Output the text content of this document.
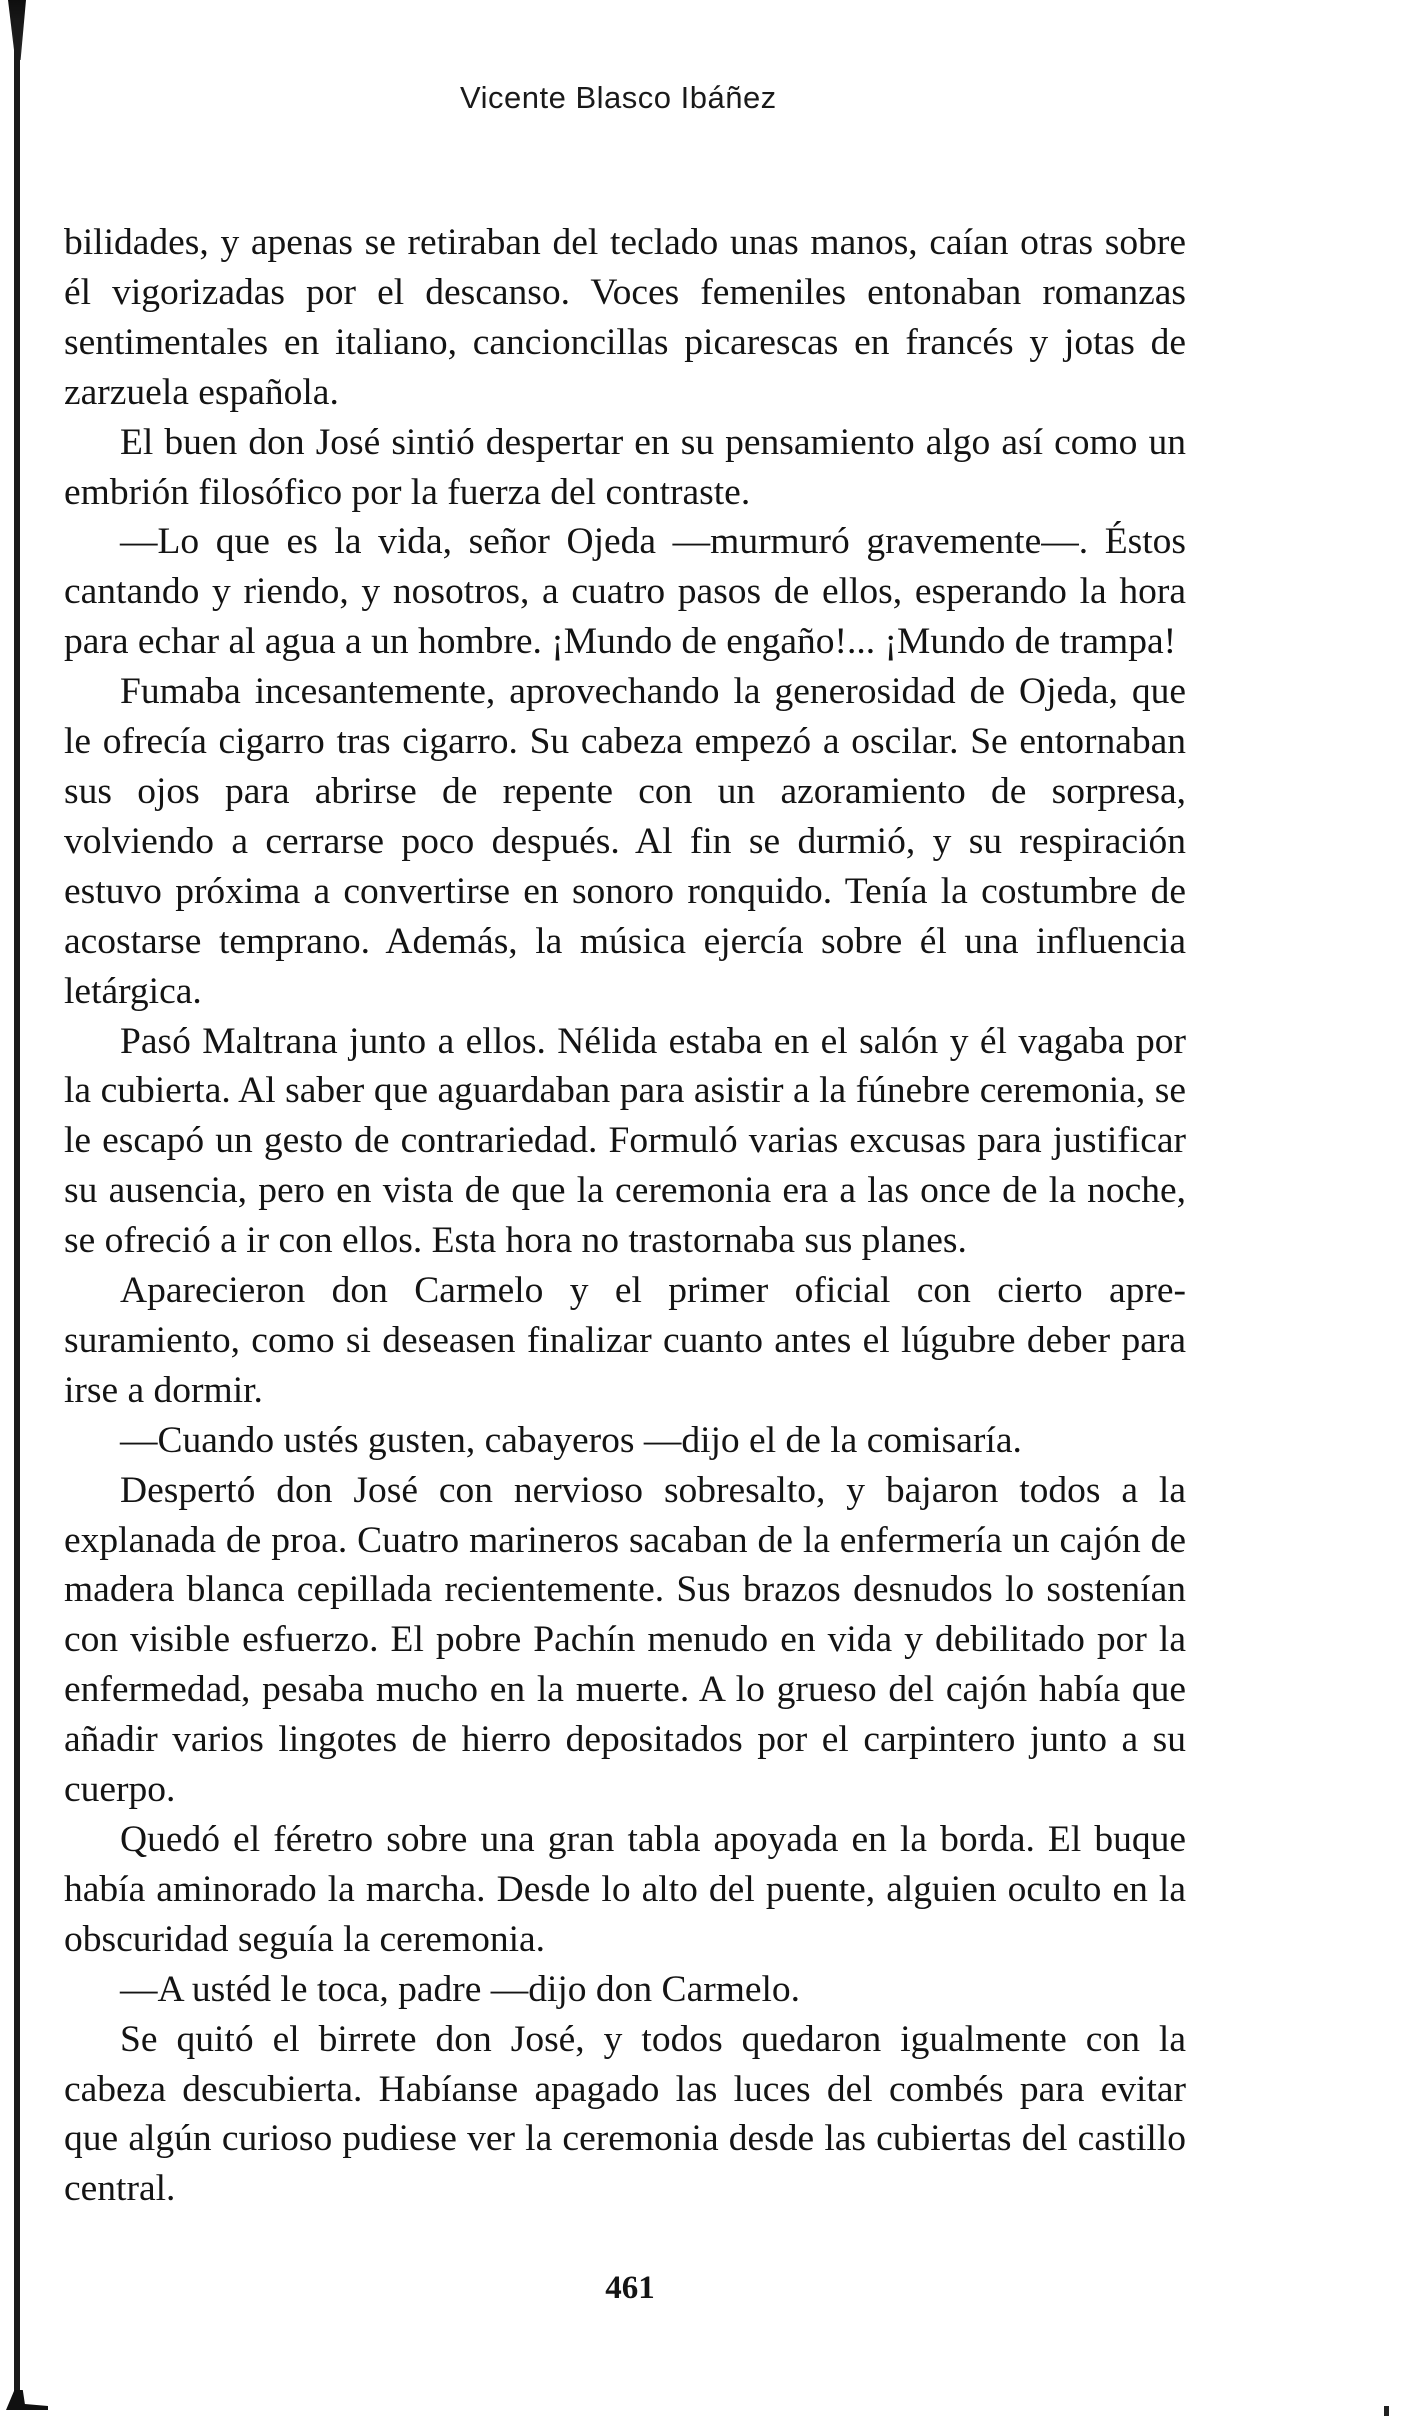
Vicente Blasco Ibáñez

bilidades, y apenas se retiraban del teclado unas manos, caían otras sobre él vigorizadas por el descanso. Voces femeniles entonaban romanzas sentimentales en italiano, cancioncillas picarescas en francés y jotas de zarzuela española.

El buen don José sintió despertar en su pensamiento algo así como un embrión filosófico por la fuerza del contraste.

—Lo que es la vida, señor Ojeda —murmuró gravemente—. Éstos cantando y riendo, y nosotros, a cuatro pasos de ellos, esperando la hora para echar al agua a un hombre. ¡Mundo de engaño!... ¡Mundo de trampa!

Fumaba incesantemente, aprovechando la generosidad de Ojeda, que le ofrecía cigarro tras cigarro. Su cabeza empezó a oscilar. Se entornaban sus ojos para abrirse de repente con un azoramiento de sorpresa, volviendo a cerrarse poco después. Al fin se durmió, y su respiración estuvo próxima a convertirse en sonoro ronquido. Tenía la costumbre de acostarse temprano. Además, la música ejercía sobre él una influencia letárgica.

Pasó Maltrana junto a ellos. Nélida estaba en el salón y él vagaba por la cubierta. Al saber que aguardaban para asistir a la fúnebre ceremonia, se le escapó un gesto de contrariedad. Formuló varias excusas para justificar su ausencia, pero en vista de que la ceremonia era a las once de la noche, se ofreció a ir con ellos. Esta hora no trastornaba sus planes.

Aparecieron don Carmelo y el primer oficial con cierto apresuramiento, como si deseasen finalizar cuanto antes el lúgubre deber para irse a dormir.

—Cuando ustés gusten, cabayeros —dijo el de la comisaría.

Despertó don José con nervioso sobresalto, y bajaron todos a la explanada de proa. Cuatro marineros sacaban de la enfermería un cajón de madera blanca cepillada recientemente. Sus brazos desnudos lo sostenían con visible esfuerzo. El pobre Pachín menudo en vida y debilitado por la enfermedad, pesaba mucho en la muerte. A lo grueso del cajón había que añadir varios lingotes de hierro depositados por el carpintero junto a su cuerpo.

Quedó el féretro sobre una gran tabla apoyada en la borda. El buque había aminorado la marcha. Desde lo alto del puente, alguien oculto en la obscuridad seguía la ceremonia.

—A ustéd le toca, padre —dijo don Carmelo.

Se quitó el birrete don José, y todos quedaron igualmente con la cabeza descubierta. Habíanse apagado las luces del combés para evitar que algún curioso pudiese ver la ceremonia desde las cubiertas del castillo central.

461
